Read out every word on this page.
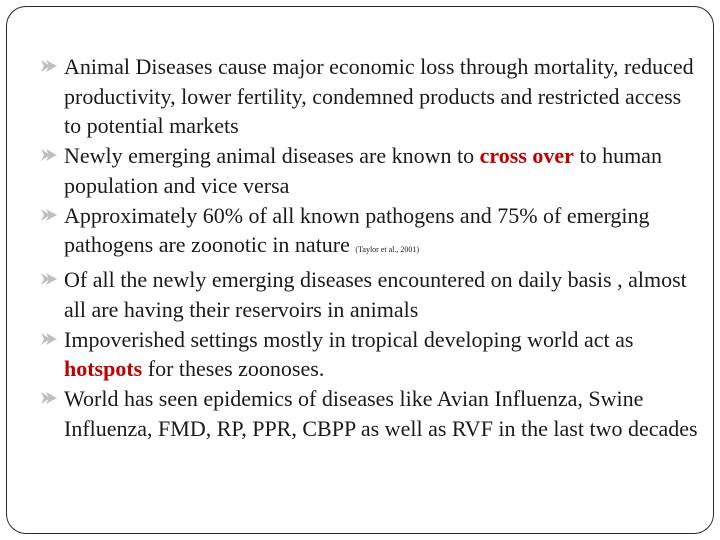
Animal Diseases cause major economic loss through mortality, reduced productivity, lower fertility, condemned products and restricted access to potential markets
Newly emerging animal diseases are known to cross over to human population and vice versa
Approximately 60% of all known pathogens and 75% of emerging pathogens are zoonotic in nature (Taylor et al., 2001)
Of all the newly emerging diseases encountered on daily basis , almost all are having their reservoirs in animals
Impoverished settings mostly in tropical developing world act as hotspots for theses zoonoses.
World has seen epidemics of diseases like Avian Influenza, Swine Influenza, FMD, RP, PPR, CBPP as well as RVF in the last two decades
